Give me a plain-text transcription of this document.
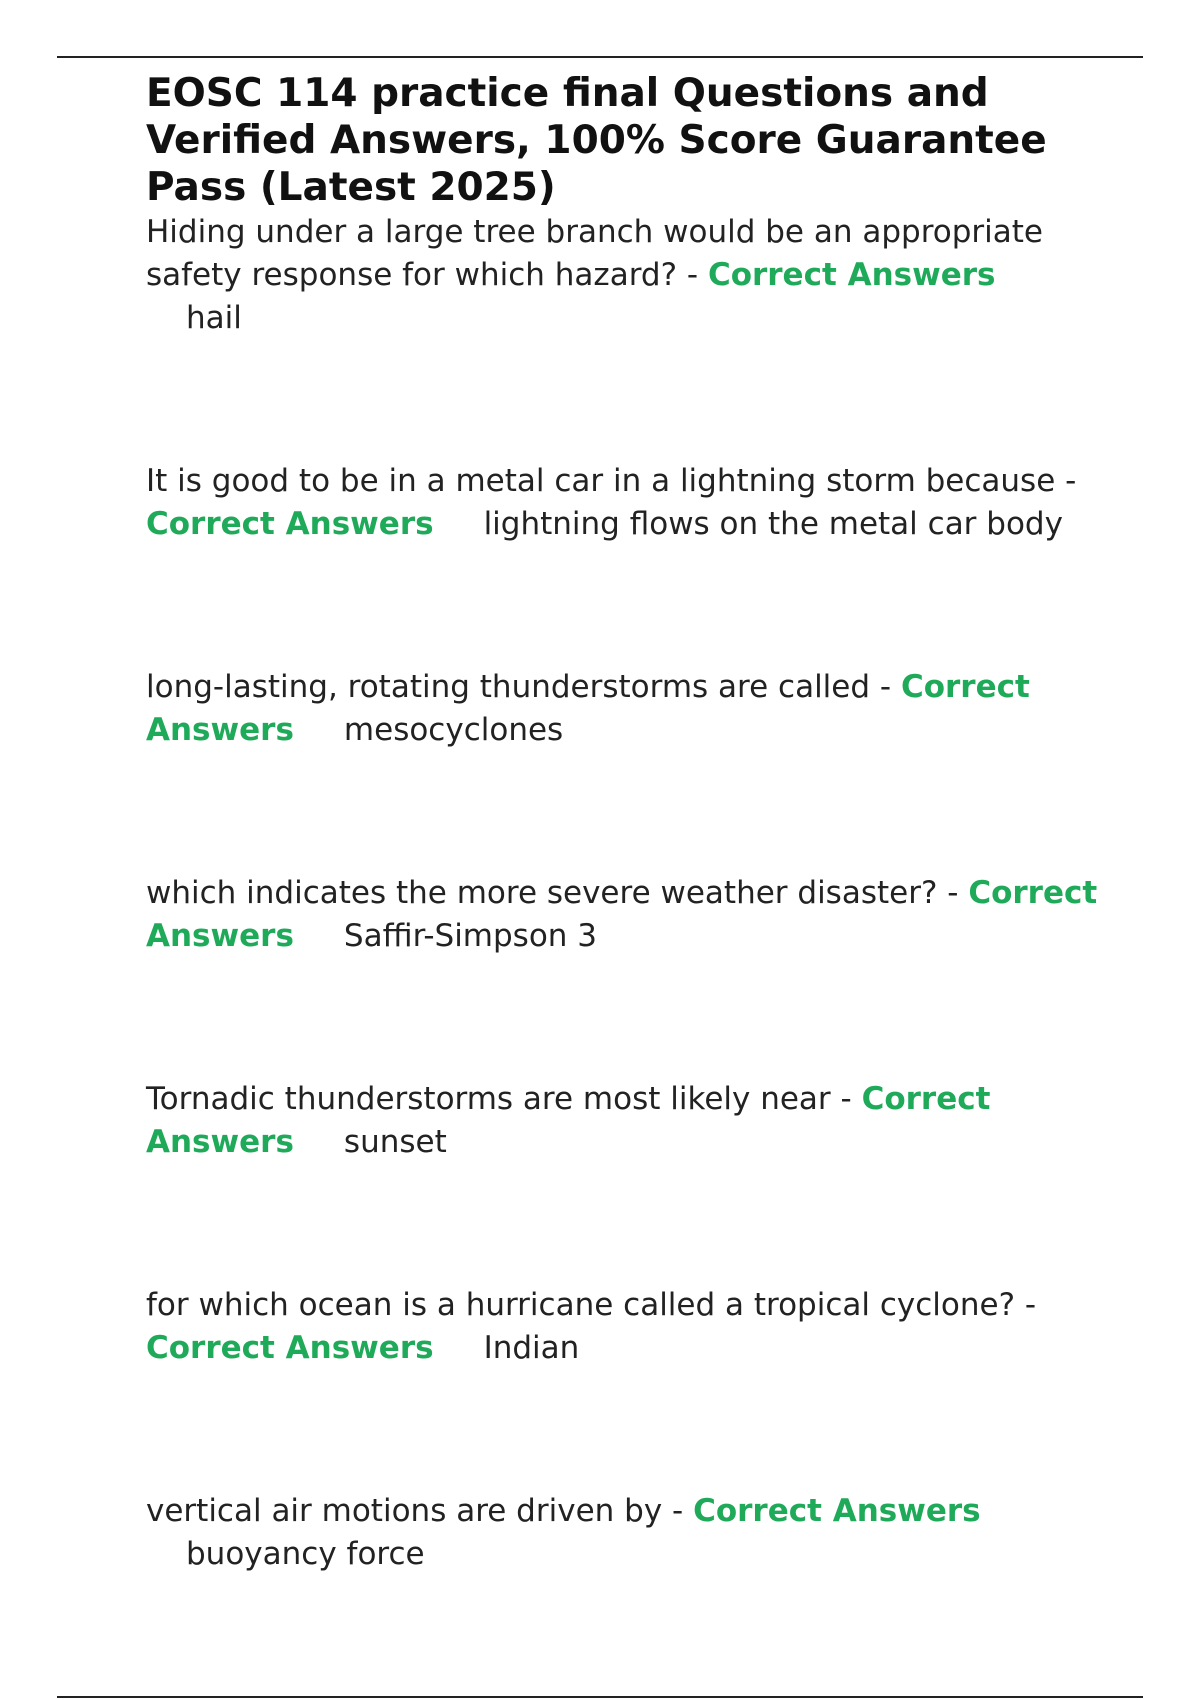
EOSC 114 practice final Questions and Verified Answers, 100% Score Guarantee Pass (Latest 2025)

Hiding under a large tree branch would be an appropriate safety response for which hazard? - Correct Answers
hail

It is good to be in a metal car in a lightning storm because - Correct Answers lightning flows on the metal car body

long-lasting, rotating thunderstorms are called - Correct Answers mesocyclones

which indicates the more severe weather disaster? - Correct Answers Saffir-Simpson 3

Tornadic thunderstorms are most likely near - Correct Answers sunset

for which ocean is a hurricane called a tropical cyclone? - Correct Answers Indian

vertical air motions are driven by - Correct Answers
buoyancy force
